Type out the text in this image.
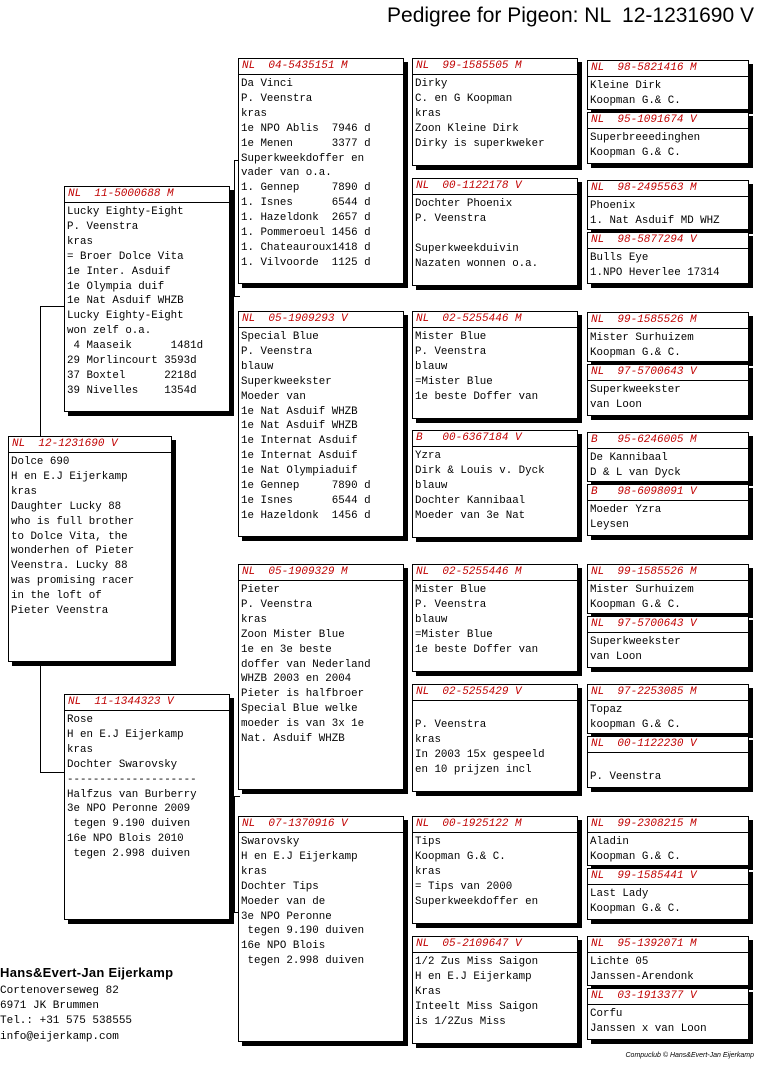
Pedigree for Pigeon: NL  12-1231690 V
NL  12-1231690 V
Dolce 690
H en E.J Eijerkamp
kras
Daughter Lucky 88
who is full brother
to Dolce Vita, the
wonderhen of Pieter
Veenstra. Lucky 88
was promising racer
in the loft of
Pieter Veenstra
NL  11-5000688 M
Lucky Eighty-Eight
P. Veenstra
kras
= Broer Dolce Vita
1e Inter. Asduif
1e Olympia duif
1e Nat Asduif WHZB
Lucky Eighty-Eight
won zelf o.a.
4 Maaseik      1481d
29 Morlincourt 3593d
37 Boxtel      2218d
39 Nivelles    1354d
NL  11-1344323 V
Rose
H en E.J Eijerkamp
kras
Dochter Swarovsky
--------------------
Halfzus van Burberry
3e NPO Peronne 2009
tegen 9.190 duiven
16e NPO Blois 2010
tegen 2.998 duiven
NL  04-5435151 M
Da Vinci
P. Veenstra
kras
1e NPO Ablis  7946 d
1e Menen      3377 d
Superkweekdoffer en
vader van o.a.
1. Gennep     7890 d
1. Isnes      6544 d
1. Hazeldonk  2657 d
1. Pommeroeul 1456 d
1. Chateauroux1418 d
1. Vilvoorde  1125 d
NL  05-1909293 V
Special Blue
P. Veenstra
blauw
Superkweekster
Moeder van
1e Nat Asduif WHZB
1e Nat Asduif WHZB
1e Internat Asduif
1e Internat Asduif
1e Nat Olympiaduif
1e Gennep     7890 d
1e Isnes      6544 d
1e Hazeldonk  1456 d
NL  05-1909329 M
Pieter
P. Veenstra
kras
Zoon Mister Blue
1e en 3e beste
doffer van Nederland
WHZB 2003 en 2004
Pieter is halfbroer
Special Blue welke
moeder is van 3x 1e
Nat. Asduif WHZB
NL  07-1370916 V
Swarovsky
H en E.J Eijerkamp
kras
Dochter Tips
Moeder van de
3e NPO Peronne
tegen 9.190 duiven
16e NPO Blois
tegen 2.998 duiven
NL  99-1585505 M
Dirky
C. en G Koopman
kras
Zoon Kleine Dirk
Dirky is superkweker
NL  00-1122178 V
Dochter Phoenix
P. Veenstra

Superkweekduivin
Nazaten wonnen o.a.
NL  02-5255446 M
Mister Blue
P. Veenstra
blauw
=Mister Blue
1e beste Doffer van
B   00-6367184 V
Yzra
Dirk & Louis v. Dyck
blauw
Dochter Kannibaal
Moeder van 3e Nat
NL  02-5255446 M
Mister Blue
P. Veenstra
blauw
=Mister Blue
1e beste Doffer van
NL  02-5255429 V

P. Veenstra
kras
In 2003 15x gespeeld
en 10 prijzen incl
NL  00-1925122 M
Tips
Koopman G.& C.
kras
= Tips van 2000
Superkweekdoffer en
NL  05-2109647 V
1/2 Zus Miss Saigon
H en E.J Eijerkamp
Kras
Inteelt Miss Saigon
is 1/2Zus Miss
NL  98-5821416 M
Kleine Dirk
Koopman G.& C.
NL  95-1091674 V
Superbreeedinghen
Koopman G.& C.
NL  98-2495563 M
Phoenix
1. Nat Asduif MD WHZ
NL  98-5877294 V
Bulls Eye
1.NPO Heverlee 17314
NL  99-1585526 M
Mister Surhuizem
Koopman G.& C.
NL  97-5700643 V
Superkweekster
van Loon
B   95-6246005 M
De Kannibaal
D & L van Dyck
B   98-6098091 V
Moeder Yzra
Leysen
NL  99-1585526 M
Mister Surhuizem
Koopman G.& C.
NL  97-5700643 V
Superkweekster
van Loon
NL  97-2253085 M
Topaz
koopman G.& C.
NL  00-1122230 V

P. Veenstra
NL  99-2308215 M
Aladin
Koopman G.& C.
NL  99-1585441 V
Last Lady
Koopman G.& C.
NL  95-1392071 M
Lichte 05
Janssen-Arendonk
NL  03-1913377 V
Corfu
Janssen x van Loon
Hans&Evert-Jan Eijerkamp
Cortenoverseweg 82
6971 JK Brummen
Tel.: +31 575 538555
info@eijerkamp.com
Compuclub © Hans&Evert-Jan Eijerkamp
